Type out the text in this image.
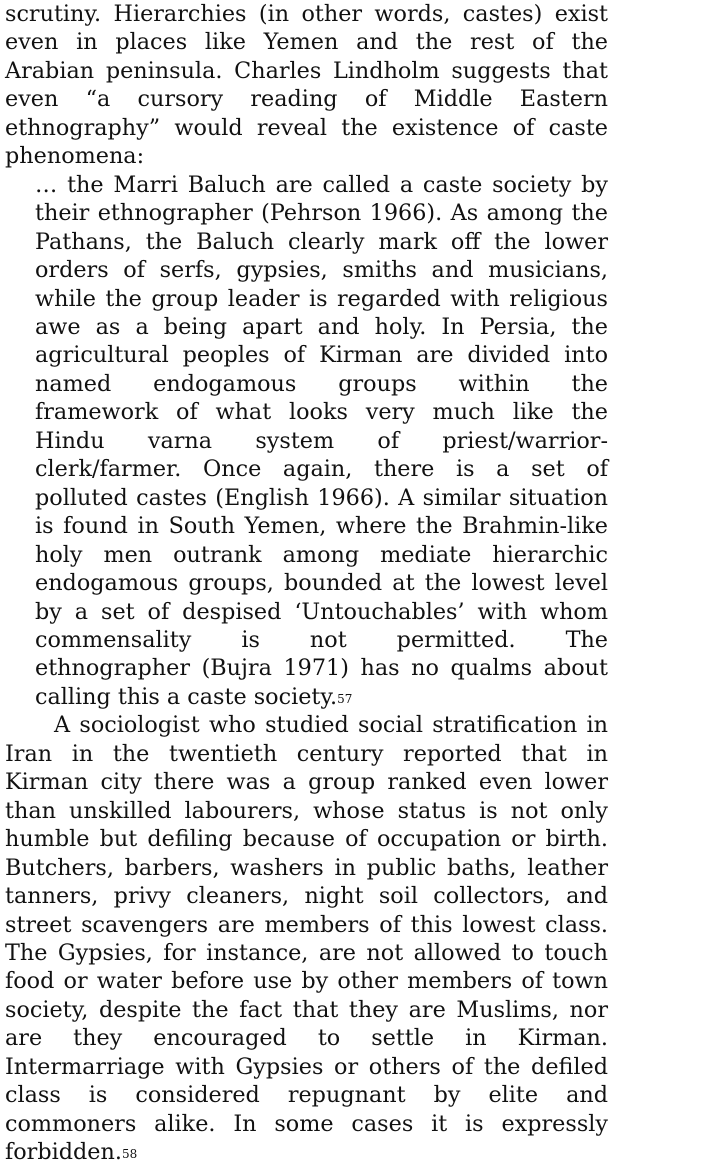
scrutiny. Hierarchies (in other words, castes) exist
even in places like Yemen and the rest of the
Arabian peninsula. Charles Lindholm suggests that
even “a cursory reading of Middle Eastern
ethnography” would reveal the existence of caste
phenomena:
… the Marri Baluch are called a caste society by
their ethnographer (Pehrson 1966). As among the
Pathans, the Baluch clearly mark off the lower
orders of serfs, gypsies, smiths and musicians,
while the group leader is regarded with religious
awe as a being apart and holy. In Persia, the
agricultural peoples of Kirman are divided into
named endogamous groups within the
framework of what looks very much like the
Hindu varna system of priest/warrior-
clerk/farmer. Once again, there is a set of
polluted castes (English 1966). A similar situation
is found in South Yemen, where the Brahmin-like
holy men outrank among mediate hierarchic
endogamous groups, bounded at the lowest level
by a set of despised ‘Untouchables’ with whom
commensality is not permitted. The
ethnographer (Bujra 1971) has no qualms about
calling this a caste society.$^{57}$
A sociologist who studied social stratification in
Iran in the twentieth century reported that in
Kirman city there was a group ranked even lower
than unskilled labourers, whose status is not only
humble but defiling because of occupation or birth.
Butchers, barbers, washers in public baths, leather
tanners, privy cleaners, night soil collectors, and
street scavengers are members of this lowest class.
The Gypsies, for instance, are not allowed to touch
food or water before use by other members of town
society, despite the fact that they are Muslims, nor
are they encouraged to settle in Kirman.
Intermarriage with Gypsies or others of the defiled
class is considered repugnant by elite and
commoners alike. In some cases it is expressly
forbidden.$^{58}$
